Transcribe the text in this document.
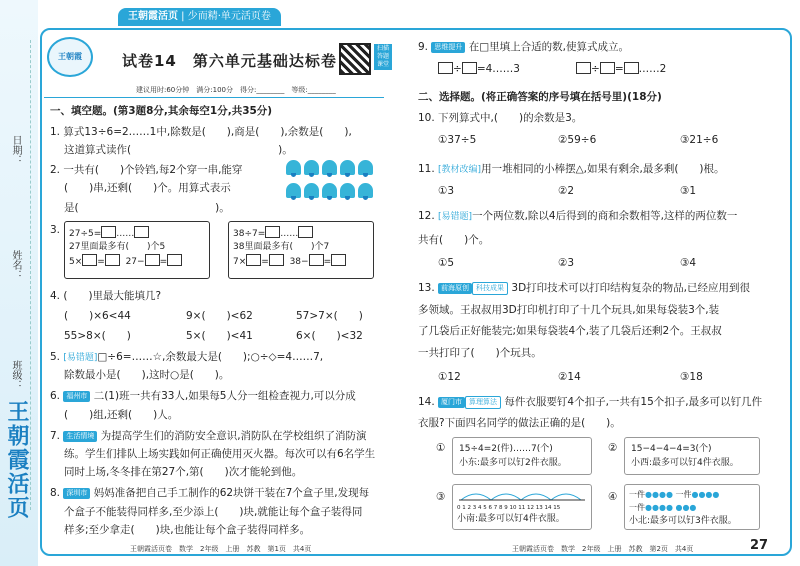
日期：
姓名：
班级：
王朝霞活页
王朝霞活页 | 少而精·单元活页卷
王朝霞	试卷14　第六单元基础达标卷
扫描答题课堂
建议用时:60分钟　满分:100分　得分:________　等级:________
一、填空题。(第3题8分,其余每空1分,共35分)
1. 算式13÷6=2……1中,除数是(　　),商是(　　),余数是(　　),
这道算式读作(　　　　　　　　　　　　　　)。
2. 一共有(　　)个铃铛,每2个穿一串,能穿
(　　)串,还剩(　　)个。用算式表示
是(　　　　　　　　　　　　　)。
3. 27÷5= ……
27里面最多有(　　)个5
5× = 27− =
38÷7= ……
38里面最多有(　　)个7
7× = 38− =
4. (　　)里最大能填几?
(　　)×6<44	9×(　　)<62	57>7×(　　)
55>8×(　　)	5×(　　)<41	6×(　　)<32
5. [易错题]□÷6=……☆,余数最大是(　　);○÷◇=4……7,
除数最小是(　　),这时○是(　　)。
6. 福州市 二(1)班一共有33人,如果每5人分一组检查视力,可以分成
(　　)组,还剩(　　)人。
7. 生活情境 为提高学生们的消防安全意识,消防队在学校组织了消防演
练。学生们排队上场实践如何正确使用灭火器。每次可以有6名学生
同时上场,冬冬排在第27个,第(　　)次才能轮到他。
8. 深圳市 妈妈准备把自己手工制作的62块饼干装在7个盒子里,发现每
个盒子不能装得同样多,至少添上(　　)块,就能让每个盒子装得同
样多;至少拿走(　　)块,也能让每个盒子装得同样多。
王朝霞活页卷　数学　2年级　上册　苏教　第1页　共4页
9. 思维提升 在□里填上合适的数,使算式成立。
÷ =4……3	÷ = ……2
二、选择题。(将正确答案的序号填在括号里)(18分)
10. 下列算式中,(　　)的余数是3。
①37÷5	②59÷6	③21÷6
11. [教材改编]用一堆相同的小棒摆△,如果有剩余,最多剩(　　)根。
①3	②2	③1
12. [易错题]一个两位数,除以4后得到的商和余数相等,这样的两位数一
共有(　　)个。
①5	②3	③4
13. 前海原创 科技成果 3D打印技术可以打印结构复杂的物品,已经应用到很
多领域。王叔叔用3D打印机打印了十几个玩具,如果每袋装3个,装
了几袋后正好能装完;如果每袋装4个,装了几袋后还剩2个。王叔叔
一共打印了(　　)个玩具。
①12	②14	③18
14. 厦门市 算理算法 每件衣服要钉4个扣子,一共有15个扣子,最多可以钉几件
衣服?下面四名同学的做法正确的是(　　)。
① 15÷4=2(件)……7(个)
小东:最多可以钉2件衣服。
② 15−4−4−4=3(个)
小西:最多可以钉4件衣服。
③
0 1 2 3 4 5 6 7 8 9 10 11 12 13 14 15
小南:最多可以钉4件衣服。
④ 一件●●●● 一件●●●●
一件●●●● ●●●
小北:最多可以钉3件衣服。
王朝霞活页卷　数学　2年级　上册　苏教　第2页　共4页	27
